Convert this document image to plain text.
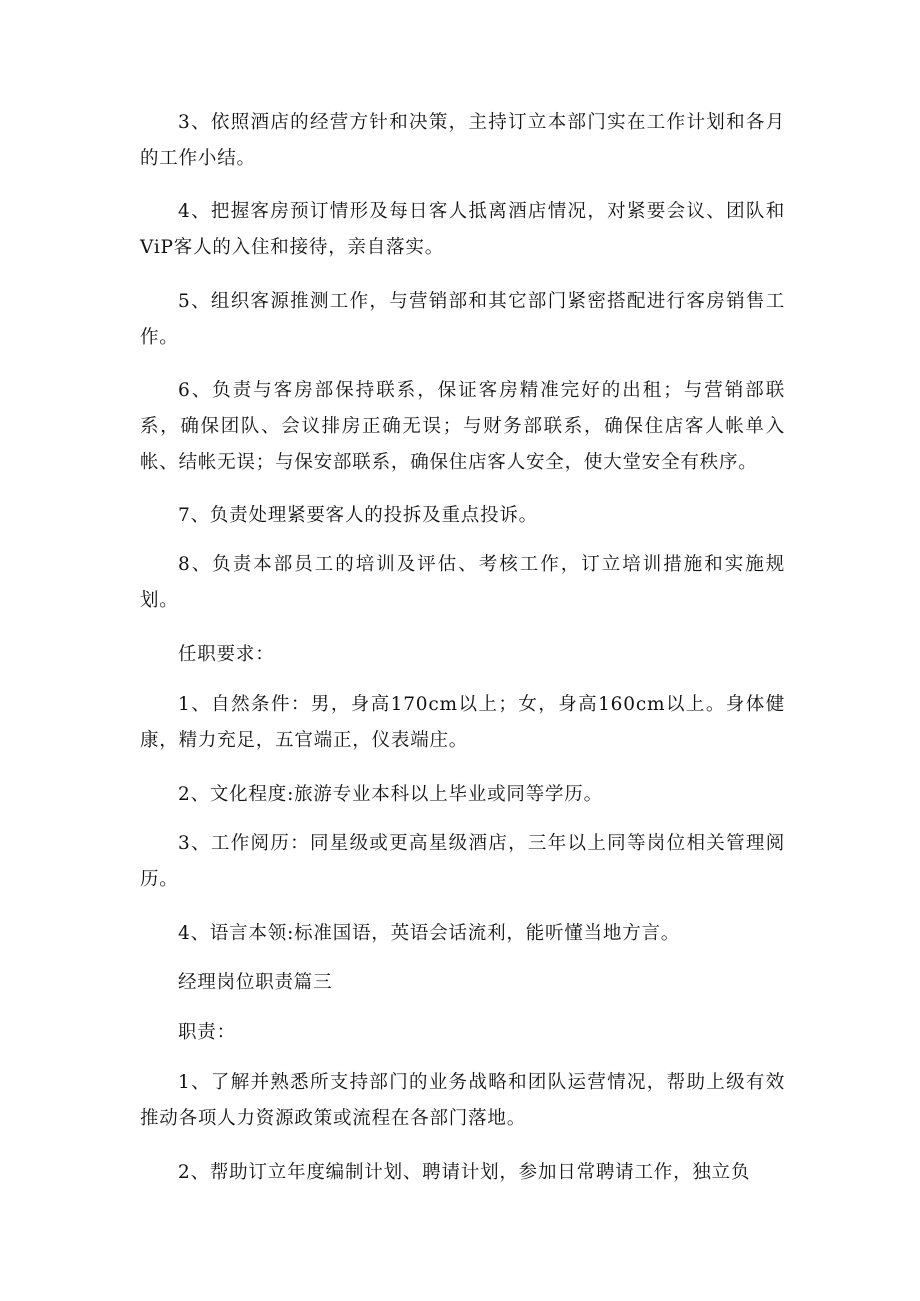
3、依照酒店的经营方针和决策，主持订立本部门实在工作计划和各月的工作小结。

4、把握客房预订情形及每日客人抵离酒店情况，对紧要会议、团队和ViP客人的入住和接待，亲自落实。

5、组织客源推测工作，与营销部和其它部门紧密搭配进行客房销售工作。

6、负责与客房部保持联系，保证客房精准完好的出租；与营销部联系，确保团队、会议排房正确无误；与财务部联系，确保住店客人帐单入帐、结帐无误；与保安部联系，确保住店客人安全，使大堂安全有秩序。

7、负责处理紧要客人的投拆及重点投诉。

8、负责本部员工的培训及评估、考核工作，订立培训措施和实施规划。

任职要求：

1、自然条件：男，身高170cm以上；女，身高160cm以上。身体健康，精力充足，五官端正，仪表端庄。

2、文化程度:旅游专业本科以上毕业或同等学历。

3、工作阅历：同星级或更高星级酒店，三年以上同等岗位相关管理阅历。

4、语言本领:标准国语，英语会话流利，能听懂当地方言。

经理岗位职责篇三

职责：

1、了解并熟悉所支持部门的业务战略和团队运营情况，帮助上级有效推动各项人力资源政策或流程在各部门落地。

2、帮助订立年度编制计划、聘请计划，参加日常聘请工作，独立负
